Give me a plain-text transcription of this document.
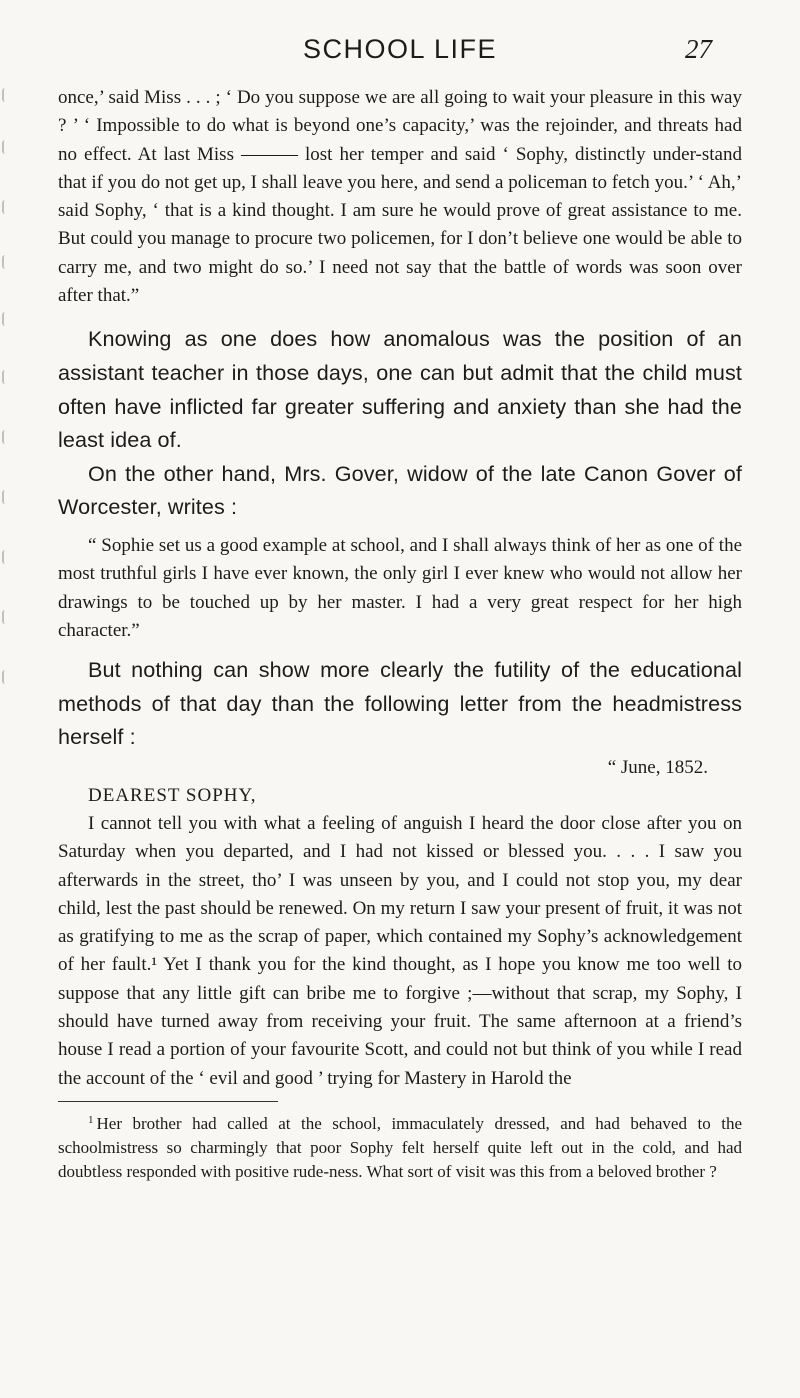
SCHOOL LIFE	27

once,’ said Miss . . . ; ‘ Do you suppose we are all going to wait your pleasure in this way ? ’ ‘ Impossible to do what is beyond one’s capacity,’ was the rejoinder, and threats had no effect. At last Miss ——— lost her temper and said ‘ Sophy, distinctly under-stand that if you do not get up, I shall leave you here, and send a policeman to fetch you.’ ‘ Ah,’ said Sophy, ‘ that is a kind thought. I am sure he would prove of great assistance to me. But could you manage to procure two policemen, for I don’t believe one would be able to carry me, and two might do so.’ I need not say that the battle of words was soon over after that.”

Knowing as one does how anomalous was the position of an assistant teacher in those days, one can but admit that the child must often have inflicted far greater suffering and anxiety than she had the least idea of.

On the other hand, Mrs. Gover, widow of the late Canon Gover of Worcester, writes :

“ Sophie set us a good example at school, and I shall always think of her as one of the most truthful girls I have ever known, the only girl I ever knew who would not allow her drawings to be touched up by her master. I had a very great respect for her high character.”

But nothing can show more clearly the futility of the educational methods of that day than the following letter from the headmistress herself :

“ June, 1852.
DEAREST SOPHY,

I cannot tell you with what a feeling of anguish I heard the door close after you on Saturday when you departed, and I had not kissed or blessed you. . . . I saw you afterwards in the street, tho’ I was unseen by you, and I could not stop you, my dear child, lest the past should be renewed. On my return I saw your present of fruit, it was not as gratifying to me as the scrap of paper, which contained my Sophy’s acknowledgement of her fault.¹ Yet I thank you for the kind thought, as I hope you know me too well to suppose that any little gift can bribe me to forgive ;—without that scrap, my Sophy, I should have turned away from receiving your fruit. The same afternoon at a friend’s house I read a portion of your favourite Scott, and could not but think of you while I read the account of the ‘ evil and good ’ trying for Mastery in Harold the

$^1$ Her brother had called at the school, immaculately dressed, and had behaved to the schoolmistress so charmingly that poor Sophy felt herself quite left out in the cold, and had doubtless responded with positive rude-ness. What sort of visit was this from a beloved brother ?
